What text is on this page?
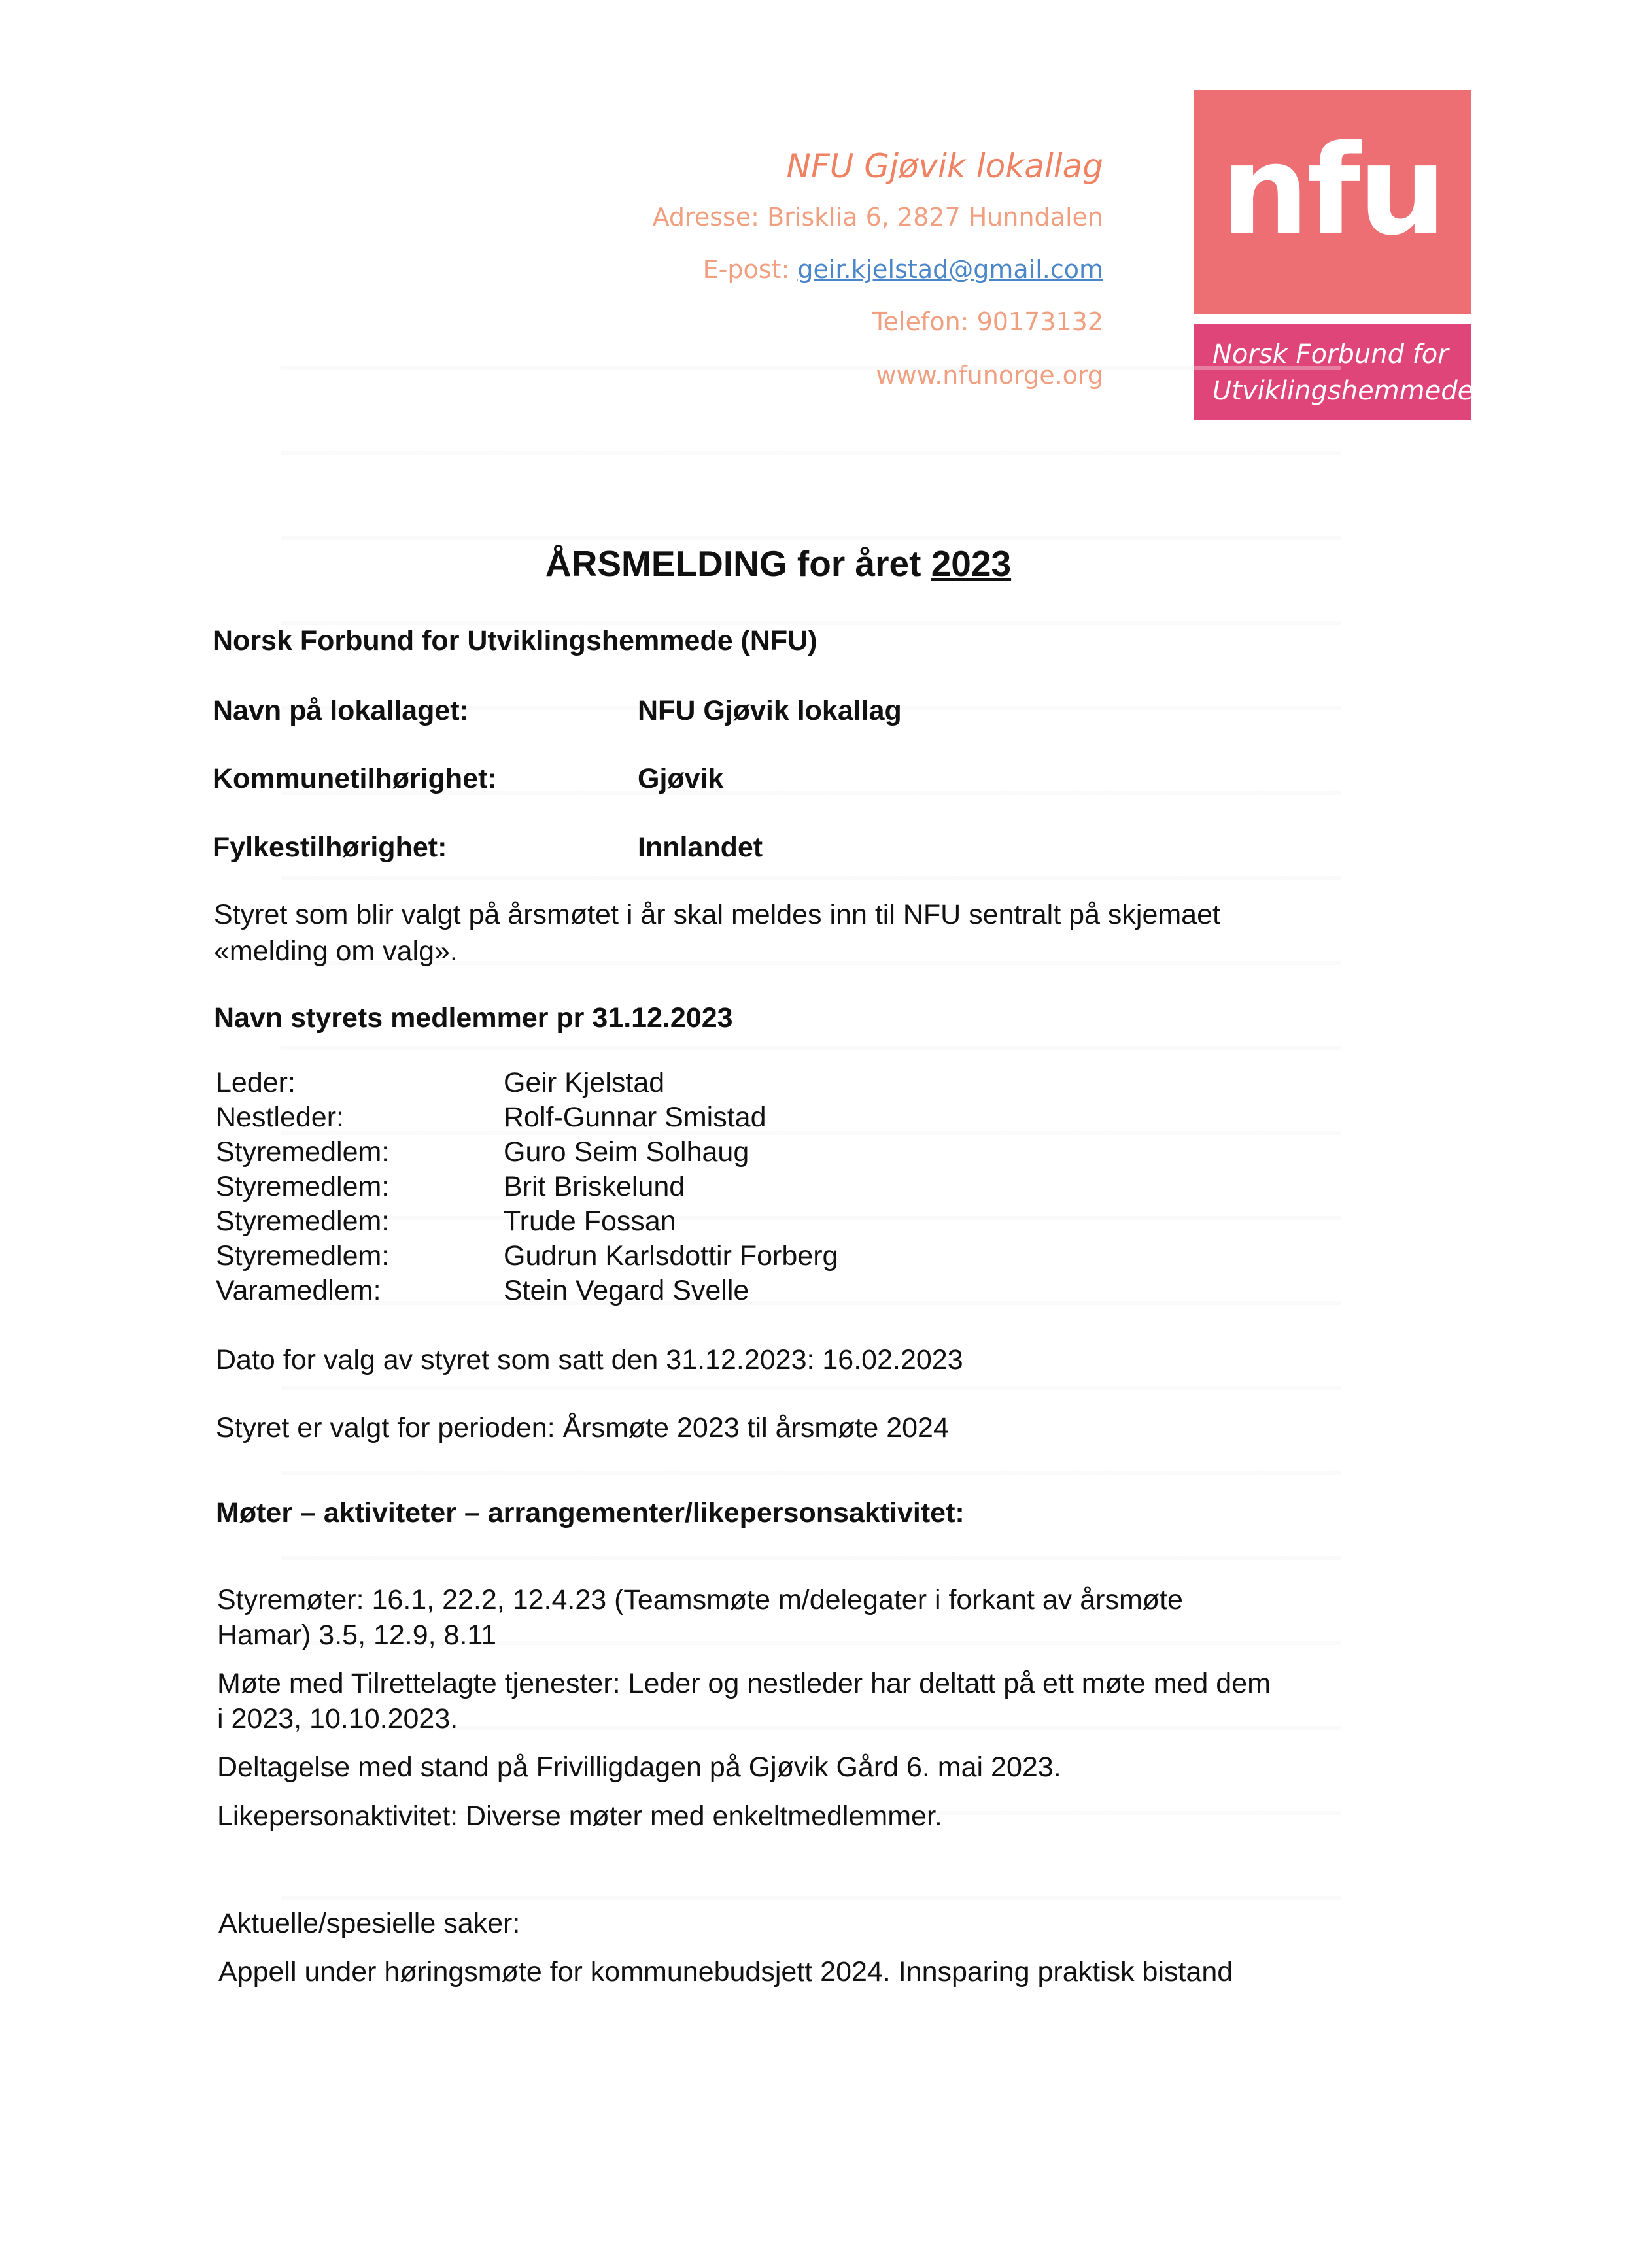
NFU Gjøvik lokallag
Adresse: Brisklia 6, 2827 Hunndalen
E-post: geir.kjelstad@gmail.com
Telefon: 90173132
www.nfunorge.org
nfu
Norsk Forbund for
Utviklingshemmede
ÅRSMELDING for året 2023
Norsk Forbund for Utviklingshemmede (NFU)
Navn på lokallaget:	NFU Gjøvik lokallag
Kommunetilhørighet:	Gjøvik
Fylkestilhørighet:	Innlandet
Styret som blir valgt på årsmøtet i år skal meldes inn til NFU sentralt på skjemaet
«melding om valg».
Navn styrets medlemmer pr 31.12.2023
Leder:	Geir Kjelstad
Nestleder:	Rolf-Gunnar Smistad
Styremedlem:	Guro Seim Solhaug
Styremedlem:	Brit Briskelund
Styremedlem:	Trude Fossan
Styremedlem:	Gudrun Karlsdottir Forberg
Varamedlem:	Stein Vegard Svelle
Dato for valg av styret som satt den 31.12.2023: 16.02.2023
Styret er valgt for perioden: Årsmøte 2023 til årsmøte 2024
Møter – aktiviteter – arrangementer/likepersonsaktivitet:
Styremøter: 16.1, 22.2, 12.4.23 (Teamsmøte m/delegater i forkant av årsmøte
Hamar) 3.5, 12.9, 8.11
Møte med Tilrettelagte tjenester: Leder og nestleder har deltatt på ett møte med dem
i 2023, 10.10.2023.
Deltagelse med stand på Frivilligdagen på Gjøvik Gård 6. mai 2023.
Likepersonaktivitet: Diverse møter med enkeltmedlemmer.
Aktuelle/spesielle saker:
Appell under høringsmøte for kommunebudsjett 2024. Innsparing praktisk bistand
